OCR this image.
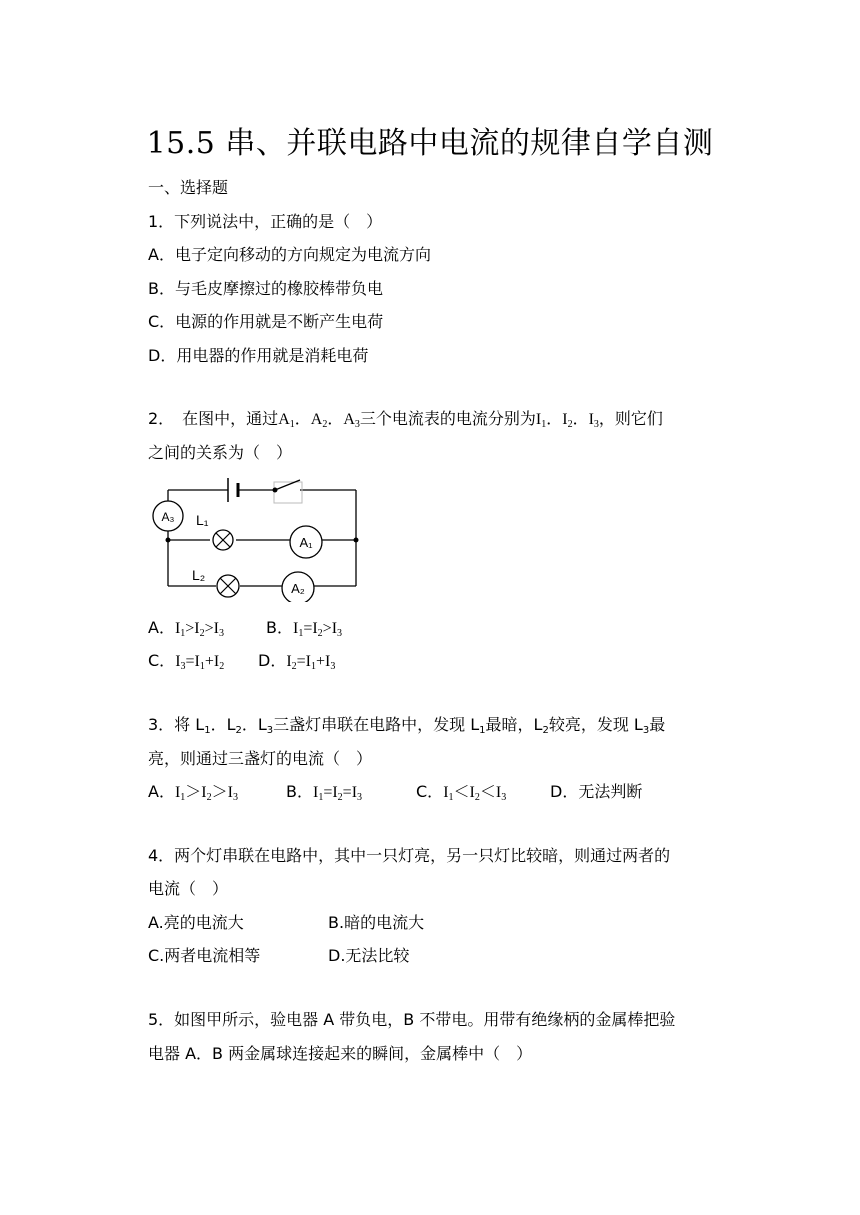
15.5 串、并联电路中电流的规律自学自测
一、选择题
1．下列说法中，正确的是（　）
A．电子定向移动的方向规定为电流方向
B．与毛皮摩擦过的橡胶棒带负电
C．电源的作用就是不断产生电荷
D．用电器的作用就是消耗电荷
2．　在图中，通过$A_1$．$A_2$．$A_3$三个电流表的电流分别为$I_1$．$I_2$．$I_3$，则它们
之间的关系为（　）
A₃ L₁
A₁
L₂
A₂
A．$I_1>I_2>I_3$	B．$I_1=I_2>I_3$
C．$I_3=I_1+I_2$ D．$I_2=I_1+I_3$
3．将 $L_1$．$L_2$．$L_3$三盏灯串联在电路中，发现 $L_1$最暗，$L_2$较亮，发现 $L_3$最
亮，则通过三盏灯的电流（　）
A．$I_1>I_2>I_3$	B．$I_1=I_2=I_3$	C．$I_1<I_2<I_3$	D．无法判断
4．两个灯串联在电路中，其中一只灯亮，另一只灯比较暗，则通过两者的
电流（　）
A.亮的电流大	B.暗的电流大
C.两者电流相等	D.无法比较
5．如图甲所示，验电器 A 带负电，B 不带电。用带有绝缘柄的金属棒把验
电器 A．B 两金属球连接起来的瞬间，金属棒中（　）
